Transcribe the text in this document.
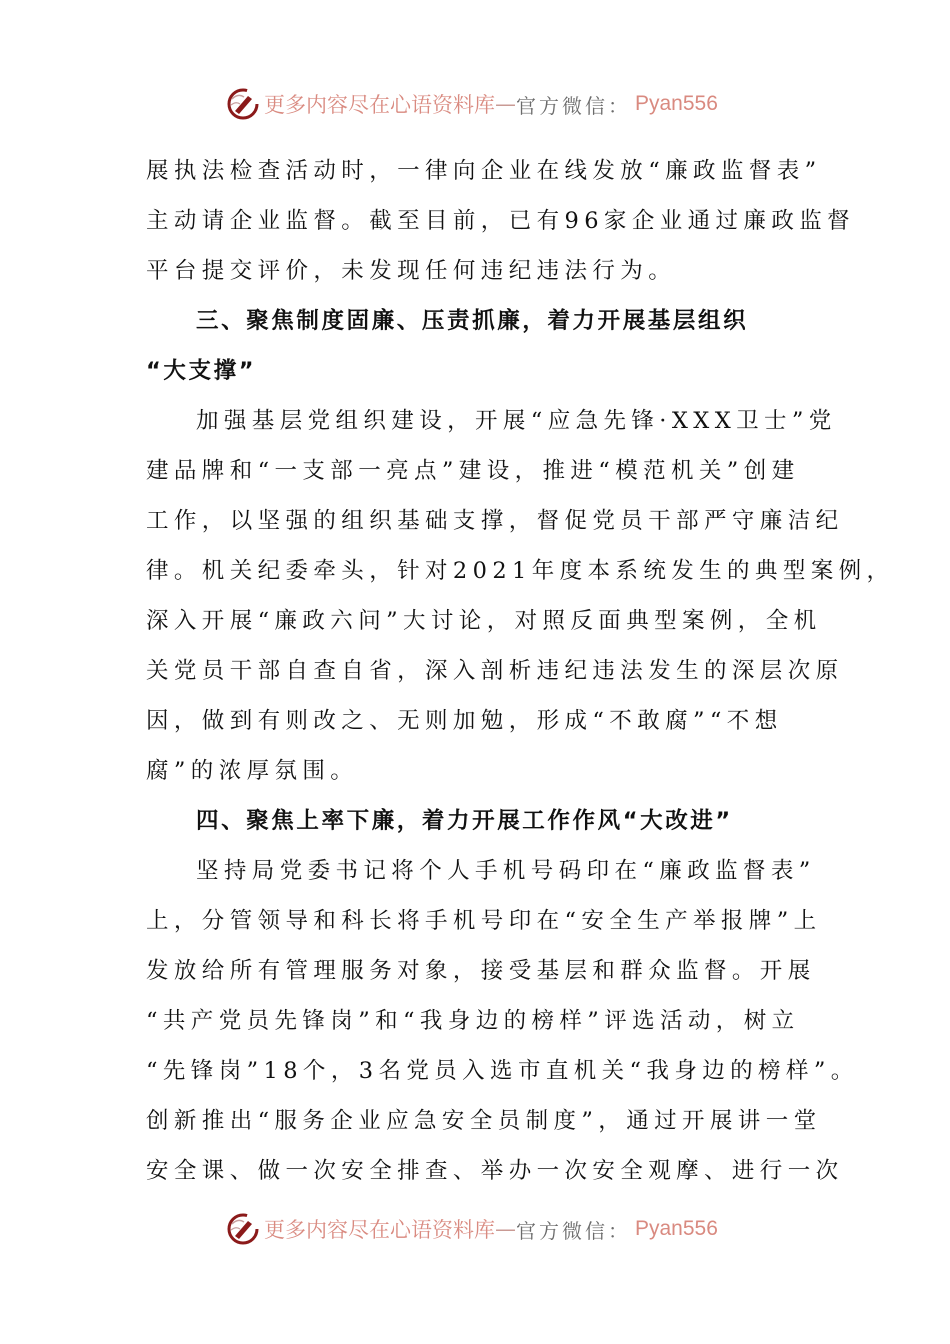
更多内容尽在心语资料库 — 官方微信： Pyan556
展执法检查活动时，一律向企业在线发放“廉政监督表”
主动请企业监督。截至目前，已有96家企业通过廉政监督
平台提交评价，未发现任何违纪违法行为。
三、聚焦制度固廉、压责抓廉，着力开展基层组织
“大支撑”
加强基层党组织建设，开展“应急先锋·XXX卫士”党
建品牌和“一支部一亮点”建设，推进“模范机关”创建
工作，以坚强的组织基础支撑，督促党员干部严守廉洁纪
律。机关纪委牵头，针对2021年度本系统发生的典型案例，
深入开展“廉政六问”大讨论，对照反面典型案例，全机
关党员干部自查自省，深入剖析违纪违法发生的深层次原
因，做到有则改之、无则加勉，形成“不敢腐”“不想
腐”的浓厚氛围。
四、聚焦上率下廉，着力开展工作作风“大改进”
坚持局党委书记将个人手机号码印在“廉政监督表”
上，分管领导和科长将手机号印在“安全生产举报牌”上
发放给所有管理服务对象，接受基层和群众监督。开展
“共产党员先锋岗”和“我身边的榜样”评选活动，树立
“先锋岗”18个，3名党员入选市直机关“我身边的榜样”。
创新推出“服务企业应急安全员制度”，通过开展讲一堂
安全课、做一次安全排查、举办一次安全观摩、进行一次
更多内容尽在心语资料库 — 官方微信： Pyan556
